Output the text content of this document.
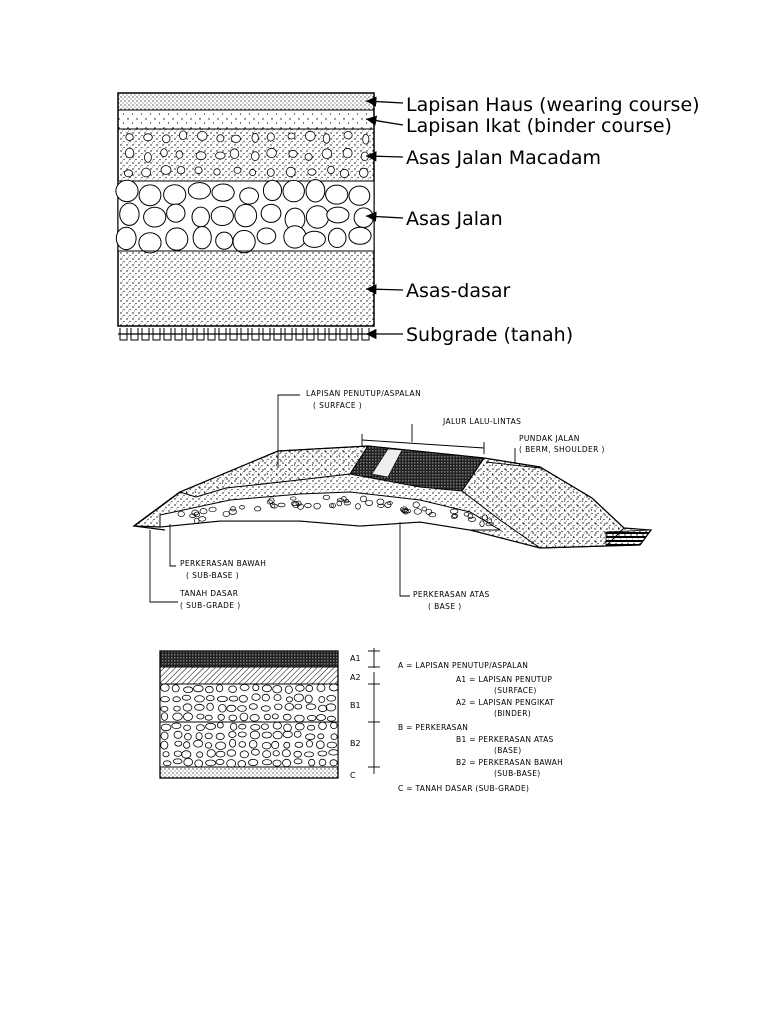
Lapisan Haus (wearing course)
Lapisan Ikat (binder course)
Asas Jalan Macadam
Asas Jalan
Asas-dasar
Subgrade (tanah)
LAPISAN PENUTUP/ASPALAN
( SURFACE )
JALUR LALU-LINTAS
PUNDAK JALAN
( BERM, SHOULDER )
PERKERASAN BAWAH
( SUB-BASE )
TANAH DASAR
( SUB-GRADE )
PERKERASAN ATAS
( BASE )
A1
A2
B1
B2
C
A = LAPISAN PENUTUP/ASPALAN
A1 = LAPISAN PENUTUP
(SURFACE)
A2 = LAPISAN PENGIKAT
(BINDER)
B = PERKERASAN
B1 = PERKERASAN ATAS
(BASE)
B2 = PERKERASAN BAWAH
(SUB-BASE)
C = TANAH DASAR (SUB-GRADE)
